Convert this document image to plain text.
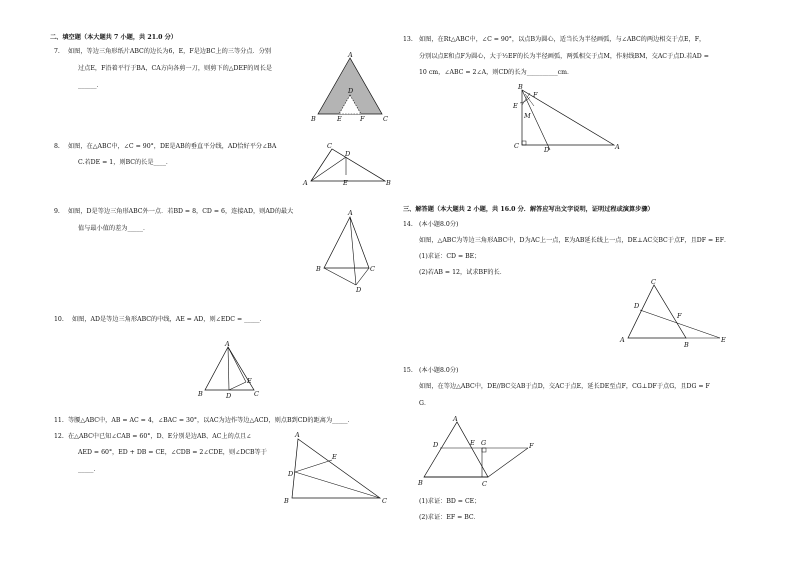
二、填空题（本大题共 7 小题，共 21.0 分）
7. 如图，等边三角形纸片ABC的边长为6，E，F是边BC上的三等分点．分别
过点E，F沿着平行于BA，CA方向各剪一刀，则剪下的△DEF的周长是
______．
A
B	C
D
E	F
8. 如图，在△ABC中，∠C = 90°，DE是AB的垂直平分线，AD恰好平分∠BA
C.若DE = 1，则BC的长是____．
A	B
C
D
E
9. 如图，D是等边三角形ABC外一点．若BD = 8，CD = 6，连接AD，则AD的最大
值与最小值的差为_____．
A
B	C
D
10. 如图，AD是等边三角形ABC的中线，AE = AD，则∠EDC = _____．
A
B	C
D
E
11. 等腰△ABC中，AB = AC = 4，∠BAC = 30°，以AC为边作等边△ACD，则点B到CD的距离为_____．
12. 在△ABC中已知∠CAB = 60°，D、E分别是边AB、AC上的点且∠
AED = 60°，ED + DB = CE，∠CDB = 2∠CDE，则∠DCB等于
_____．
A
B	C
D
E
13. 如图，在Rt△ABC中，∠C = 90°，以点B为圆心，适当长为半径画弧，与∠ABC的两边相交于点E，F，
分别以点E和点F为圆心，大于½EF的长为半径画弧，两弧相交于点M，作射线BM，交AC于点D.若AD =
10 cm，∠ABC = 2∠A，则CD的长为__________cm．
B
C	D	A
E
F
M
三、解答题（本大题共 2 小题，共 16.0 分．解答应写出文字说明，证明过程或演算步骤）
14. (本小题8.0分)
如图，△ABC为等边三角形ABC中，D为AC上一点，E为AB延长线上一点，DE⊥AC交BC于点F，且DF = EF．
(1)求证：CD = BE；
(2)若AB = 12，试求BF的长．
C
A
B
D
E
F
15. (本小题8.0分)
如图，在等边△ABC中，DE//BC交AB于点D，交AC于点E，延长DE至点F，CG⊥DF于点G，且DG = F
G．
A
B	C
D	E	F
G
(1)求证：BD = CE；
(2)求证：EF = BC．
